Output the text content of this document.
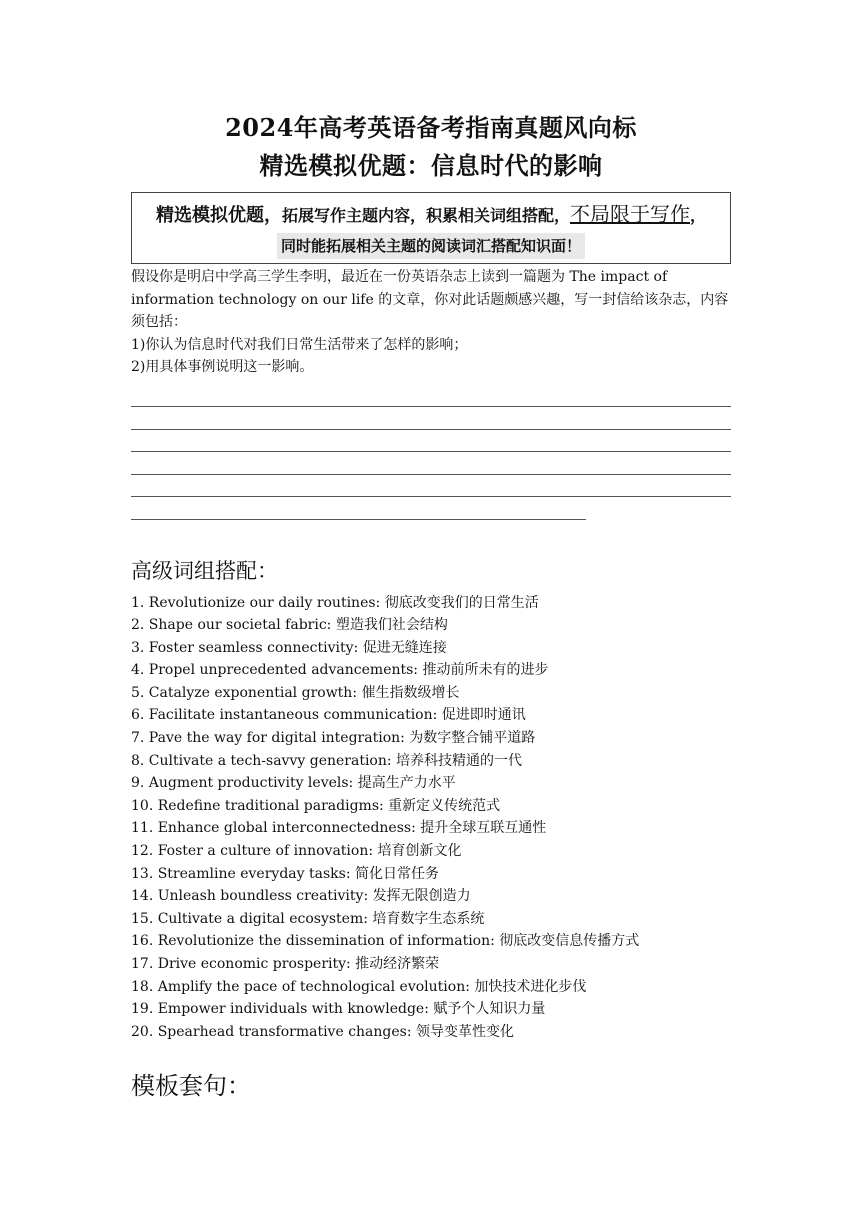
2024年高考英语备考指南真题风向标
精选模拟优题：信息时代的影响
精选模拟优题，拓展写作主题内容，积累相关词组搭配，不局限于写作，
同时能拓展相关主题的阅读词汇搭配知识面！
假设你是明启中学高三学生李明，最近在一份英语杂志上读到一篇题为 The impact of information technology on our life 的文章，你对此话题颇感兴趣，写一封信给该杂志，内容须包括：
1)你认为信息时代对我们日常生活带来了怎样的影响；
2)用具体事例说明这一影响。
高级词组搭配：
1. Revolutionize our daily routines: 彻底改变我们的日常生活
2. Shape our societal fabric: 塑造我们社会结构
3. Foster seamless connectivity: 促进无缝连接
4. Propel unprecedented advancements: 推动前所未有的进步
5. Catalyze exponential growth: 催生指数级增长
6. Facilitate instantaneous communication: 促进即时通讯
7. Pave the way for digital integration: 为数字整合铺平道路
8. Cultivate a tech-savvy generation: 培养科技精通的一代
9. Augment productivity levels: 提高生产力水平
10. Redefine traditional paradigms: 重新定义传统范式
11. Enhance global interconnectedness: 提升全球互联互通性
12. Foster a culture of innovation: 培育创新文化
13. Streamline everyday tasks: 简化日常任务
14. Unleash boundless creativity: 发挥无限创造力
15. Cultivate a digital ecosystem: 培育数字生态系统
16. Revolutionize the dissemination of information: 彻底改变信息传播方式
17. Drive economic prosperity: 推动经济繁荣
18. Amplify the pace of technological evolution: 加快技术进化步伐
19. Empower individuals with knowledge: 赋予个人知识力量
20. Spearhead transformative changes: 领导变革性变化
模板套句：
